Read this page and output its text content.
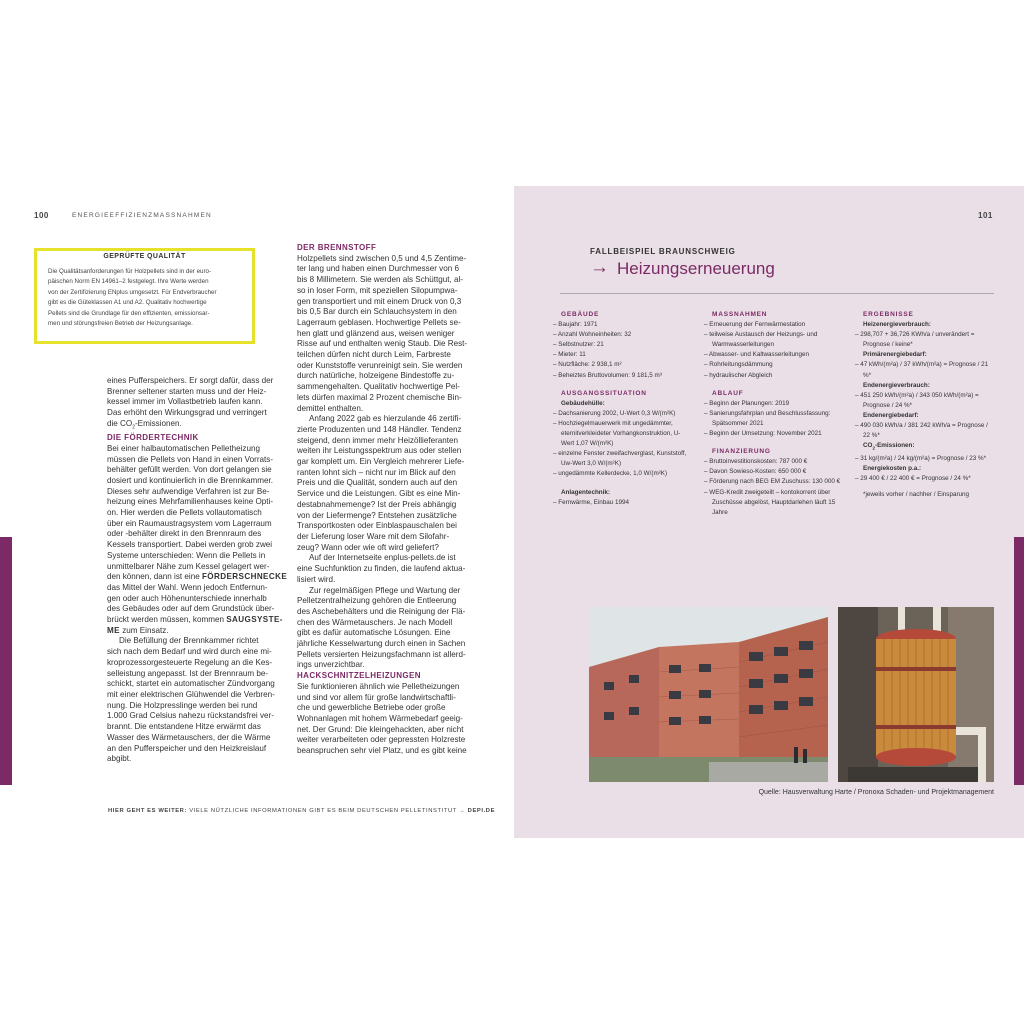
100	ENERGIEEFFIZIENZMASSNAHMEN
GEPRÜFTE QUALITÄT
Die Qualitätsanforderungen für Holzpellets sind in der euro-
päischen Norm EN 14961–2 festgelegt. Ihre Werte werden
von der Zertifizierung ENplus umgesetzt. Für Endverbraucher
gibt es die Güteklassen A1 und A2. Qualitativ hochwertige
Pellets sind die Grundlage für den effizienten, emissionsar-
men und störungsfreien Betrieb der Heizungsanlage.

eines Pufferspeichers. Er sorgt dafür, dass der

Brenner seltener starten muss und der Heiz-

kessel immer im Vollastbetrieb laufen kann.

Das erhöht den Wirkungsgrad und verringert

die $CO_2$-Emissionen.

DIE FÖRDERTECHNIK

Bei einer halbautomatischen Pelletheizung

müssen die Pellets von Hand in einen Vorrats-

behälter gefüllt werden. Von dort gelangen sie

dosiert und kontinuierlich in die Brennkammer.

Dieses sehr aufwendige Verfahren ist zur Be-

heizung eines Mehrfamilienhauses keine Opti-

on. Hier werden die Pellets vollautomatisch

über ein Raumaustragsystem vom Lagerraum

oder -behälter direkt in den Brennraum des

Kessels transportiert. Dabei werden grob zwei

Systeme unterschieden: Wenn die Pellets in

unmittelbarer Nähe zum Kessel gelagert wer-

den können, dann ist eine FÖRDERSCHNECKE

das Mittel der Wahl. Wenn jedoch Entfernun-

gen oder auch Höhenunterschiede innerhalb

des Gebäudes oder auf dem Grundstück über-

brückt werden müssen, kommen SAUGSYSTE-

ME zum Einsatz.

Die Befüllung der Brennkammer richtet

sich nach dem Bedarf und wird durch eine mi-

kroprozessorgesteuerte Regelung an die Kes-

selleistung angepasst. Ist der Brennraum be-

schickt, startet ein automatischer Zündvorgang

mit einer elektrischen Glühwendel die Verbren-

nung. Die Holzpresslinge werden bei rund

1.000 Grad Celsius nahezu rückstandsfrei ver-

brannt. Die entstandene Hitze erwärmt das

Wasser des Wärmetauschers, der die Wärme

an den Pufferspeicher und den Heizkreislauf

abgibt.

DER BRENNSTOFF

Holzpellets sind zwischen 0,5 und 4,5 Zentime-

ter lang und haben einen Durchmesser von 6

bis 8 Millimetern. Sie werden als Schüttgut, al-

so in loser Form, mit speziellen Silopumpwa-

gen transportiert und mit einem Druck von 0,3

bis 0,5 Bar durch ein Schlauchsystem in den

Lagerraum geblasen. Hochwertige Pellets se-

hen glatt und glänzend aus, weisen weniger

Risse auf und enthalten wenig Staub. Die Rest-

teilchen dürfen nicht durch Leim, Farbreste

oder Kunststoffe verunreinigt sein. Sie werden

durch natürliche, holzeigene Bindestoffe zu-

sammengehalten. Qualitativ hochwertige Pel-

lets dürfen maximal 2 Prozent chemische Bin-

demittel enthalten.

Anfang 2022 gab es hierzulande 46 zertifi-

zierte Produzenten und 148 Händler. Tendenz

steigend, denn immer mehr Heizöllieferanten

weiten ihr Leistungsspektrum aus oder stellen

gar komplett um. Ein Vergleich mehrerer Liefe-

ranten lohnt sich – nicht nur im Blick auf den

Preis und die Qualität, sondern auch auf den

Service und die Leistungen. Gibt es eine Min-

destabnahmemenge? Ist der Preis abhängig

von der Liefermenge? Entstehen zusätzliche

Transportkosten oder Einblaspauschalen bei

der Lieferung loser Ware mit dem Silofahr-

zeug? Wann oder wie oft wird geliefert?

Auf der Internetseite enplus-pellets.de ist

eine Suchfunktion zu finden, die laufend aktua-

lisiert wird.

Zur regelmäßigen Pflege und Wartung der

Pelletzentralheizung gehören die Entleerung

des Aschebehälters und die Reinigung der Flä-

chen des Wärmetauschers. Je nach Modell

gibt es dafür automatische Lösungen. Eine

jährliche Kesselwartung durch einen in Sachen

Pellets versierten Heizungsfachmann ist allerd-

ings unverzichtbar.

HACKSCHNITZELHEIZUNGEN

Sie funktionieren ähnlich wie Pelletheizungen

und sind vor allem für große landwirtschaftli-

che und gewerbliche Betriebe oder große

Wohnanlagen mit hohem Wärmebedarf geeig-

net. Der Grund: Die kleingehackten, aber nicht

weiter verarbeiteten oder gepressten Holzreste

beanspruchen sehr viel Platz, und es gibt keine

HIER GEHT ES WEITER: VIELE NÜTZLICHE INFORMATIONEN GIBT ES BEIM DEUTSCHEN PELLETINSTITUT → DEPI.DE
101
FALLBEISPIEL BRAUNSCHWEIG
→ Heizungserneuerung
GEBÄUDE
– Baujahr: 1971
– Anzahl Wohneinheiten: 32
– Selbstnutzer: 21
– Mieter: 11
– Nutzfläche: 2 938,1 m²
– Beheiztes Bruttovolumen: 9 181,5 m³
AUSGANGSSITUATION
Gebäudehülle:
– Dachsanierung 2002, U-Wert 0,3 W/(m²K)
– Hochziegelmauerwerk mit ungedämmter, eternitverkleideter Vorhangkonstruktion, U-Wert 1,07 W/(m²K)
– einzelne Fenster zweifachverglast, Kunststoff, Uw-Wert 3,0 W/(m²K)
– ungedämmte Kellerdecke, 1,0 W/(m²K)
Anlagentechnik:
– Fernwärme, Einbau 1994
MASSNAHMEN
– Erneuerung der Fernwärmestation
– teilweise Austausch der Heizungs- und Warmwasserleitungen
– Abwasser- und Kaltwasserleitungen
– Rohrleitungsdämmung
– hydraulischer Abgleich
ABLAUF
– Beginn der Planungen: 2019
– Sanierungsfahrplan und Beschlussfassung: Spätsommer 2021
– Beginn der Umsetzung: November 2021
FINANZIERUNG
– Bruttoinvestitionskosten: 787 000 €
– Davon Sowieso-Kosten: 650 000 €
– Förderung nach BEG EM Zuschuss: 130 000 €
– WEG-Kredit zweigeteilt – kontokorrent über Zuschüsse abgelöst, Hauptdarlehen läuft 15 Jahre
ERGEBNISSE
Heizenergieverbrauch:
– 298,707 + 36,726 KWh/a / unverändert = Prognose / keine*
Primärenergiebedarf:
– 47 kWh/(m²a) / 37 kWh/(m²a) = Prognose / 21 %*
Endenergieverbrauch:
– 451 250 kWh/(m²a) / 343 050 kWh/(m²a) = Prognose / 24 %*
Endenergiebedarf:
– 490 030 kWh/a / 381 242 kWh/a = Prognose / 22 %*
$CO_2$-Emissionen:
– 31 kg/(m²a) / 24 kg/(m²a) = Prognose / 23 %*
Energiekosten p.a.:
– 29 400 € / 22 400 € = Prognose / 24 %*
*jeweils vorher / nachher / Einsparung
Quelle: Hausverwaltung Harte / Pronoxa Schaden- und Projektmanagement
